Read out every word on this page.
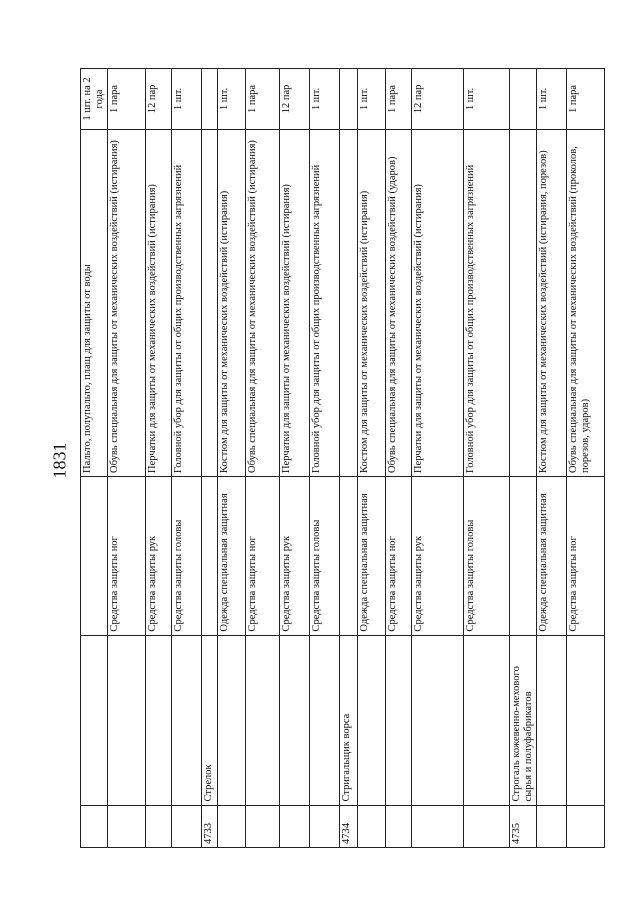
1831
			Пальто, полупальто, плащ для защиты от воды	1 шт. на 2 года
		Средства защиты ног	Обувь специальная для защиты от механических воздействий (истирания)	1 пара
		Средства защиты рук	Перчатки для защиты от механических воздействий (истирания)	12 пар
		Средства защиты головы	Головной убор для защиты от общих производственных загрязнений	1 шт.
4733	Стрелок			
		Одежда специальная защитная	Костюм для защиты от механических воздействий (истирания)	1 шт.
		Средства защиты ног	Обувь специальная для защиты от механических воздействий (истирания)	1 пара
		Средства защиты рук	Перчатки для защиты от механических воздействий (истирания)	12 пар
		Средства защиты головы	Головной убор для защиты от общих производственных загрязнений	1 шт.
4734	Стригальщик ворса			
		Одежда специальная защитная	Костюм для защиты от механических воздействий (истирания)	1 шт.
		Средства защиты ног	Обувь специальная для защиты от механических воздействий (ударов)	1 пара
		Средства защиты рук	Перчатки для защиты от механических воздействий (истирания)	12 пар
		Средства защиты головы	Головной убор для защиты от общих производственных загрязнений	1 шт.
4735	Строгаль кожевенно-мехового сырья и полуфабрикатов			
		Одежда специальная защитная	Костюм для защиты от механических воздействий (истирания, порезов)	1 шт.
		Средства защиты ног	Обувь специальная для защиты от механических воздействий (проколов, порезов, ударов)	1 пара
